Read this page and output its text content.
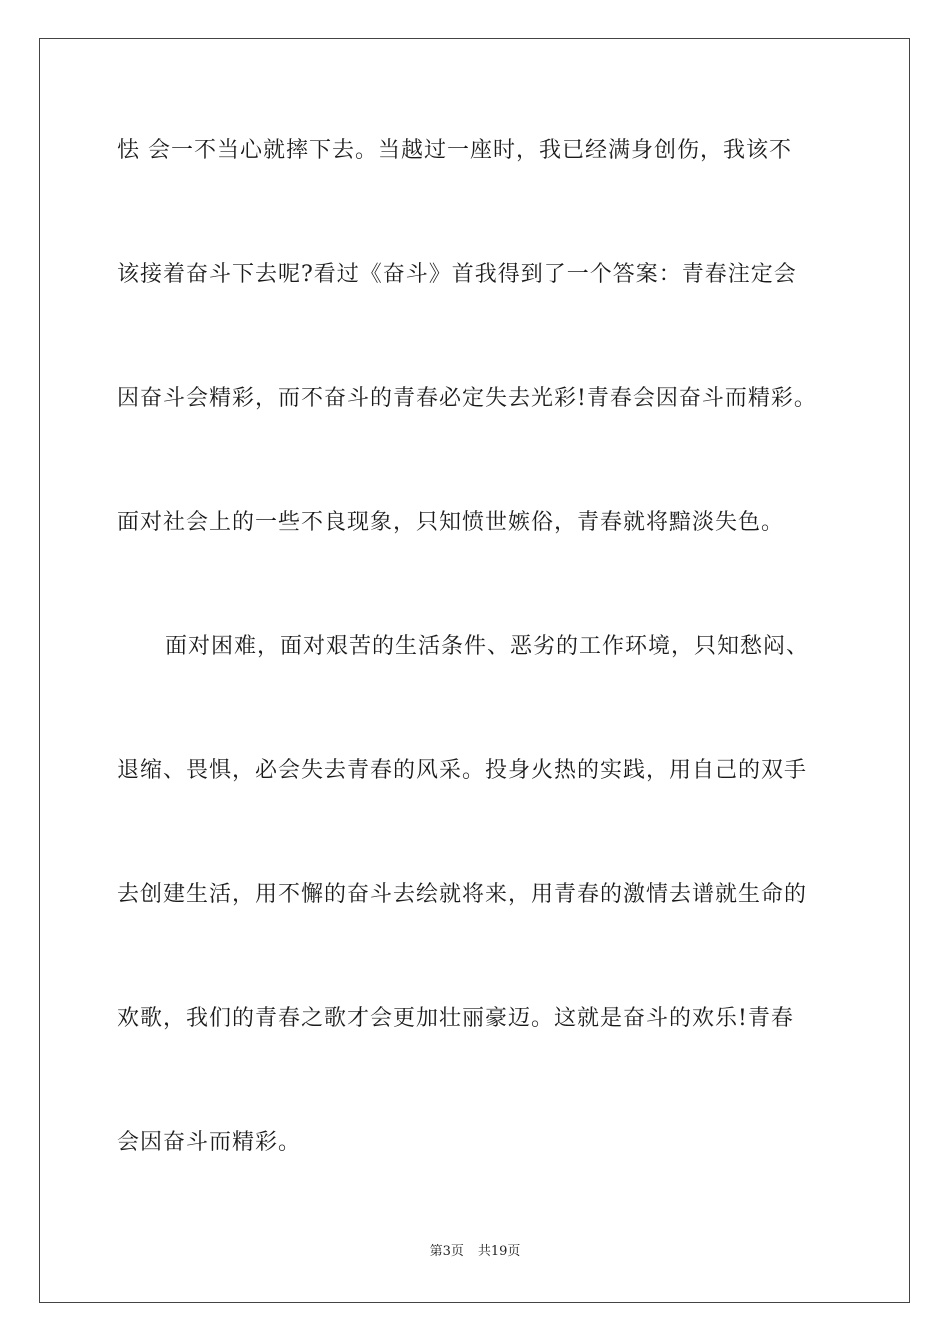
怯 会一不当心就摔下去。当越过一座时，我已经满身创伤，我该不
该接着奋斗下去呢?看过《奋斗》首我得到了一个答案：青春注定会
因奋斗会精彩，而不奋斗的青春必定失去光彩!青春会因奋斗而精彩。
面对社会上的一些不良现象，只知愤世嫉俗，青春就将黯淡失色。
面对困难，面对艰苦的生活条件、恶劣的工作环境，只知愁闷、
退缩、畏惧，必会失去青春的风采。投身火热的实践，用自己的双手
去创建生活，用不懈的奋斗去绘就将来，用青春的激情去谱就生命的
欢歌，我们的青春之歌才会更加壮丽豪迈。这就是奋斗的欢乐!青春
会因奋斗而精彩。
第3页 共19页
